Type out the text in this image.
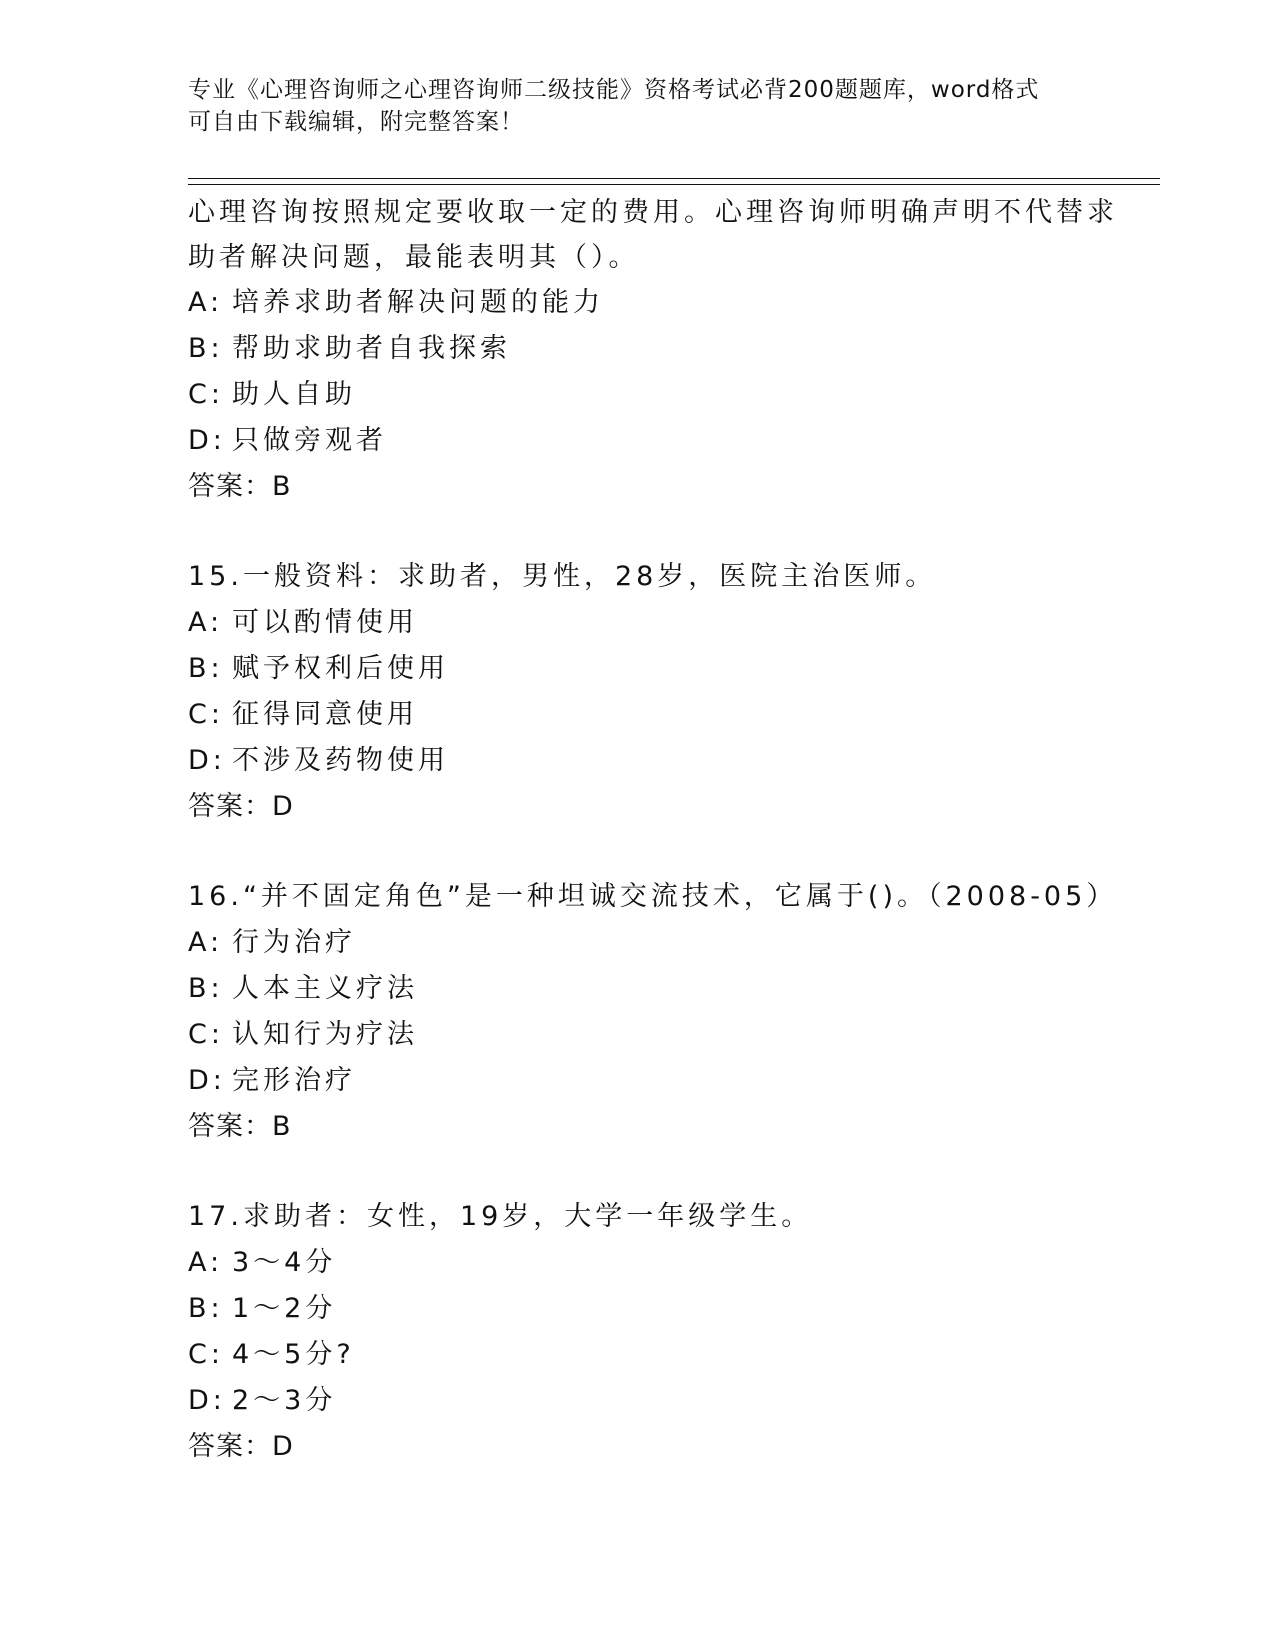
专业《心理咨询师之心理咨询师二级技能》资格考试必背200题题库，word格式
可自由下载编辑，附完整答案！
心理咨询按照规定要收取一定的费用。心理咨询师明确声明不代替求
助者解决问题，最能表明其（）。
A: 培养求助者解决问题的能力
B: 帮助求助者自我探索
C: 助人自助
D: 只做旁观者
答案：B
15.一般资料：求助者，男性，28岁，医院主治医师。
A: 可以酌情使用
B: 赋予权利后使用
C: 征得同意使用
D: 不涉及药物使用
答案：D
16.“并不固定角色”是一种坦诚交流技术，它属于()。（2008-05）
A: 行为治疗
B: 人本主义疗法
C: 认知行为疗法
D: 完形治疗
答案：B
17.求助者：女性，19岁，大学一年级学生。
A: 3～4分
B: 1～2分
C: 4～5分?
D: 2～3分
答案：D
